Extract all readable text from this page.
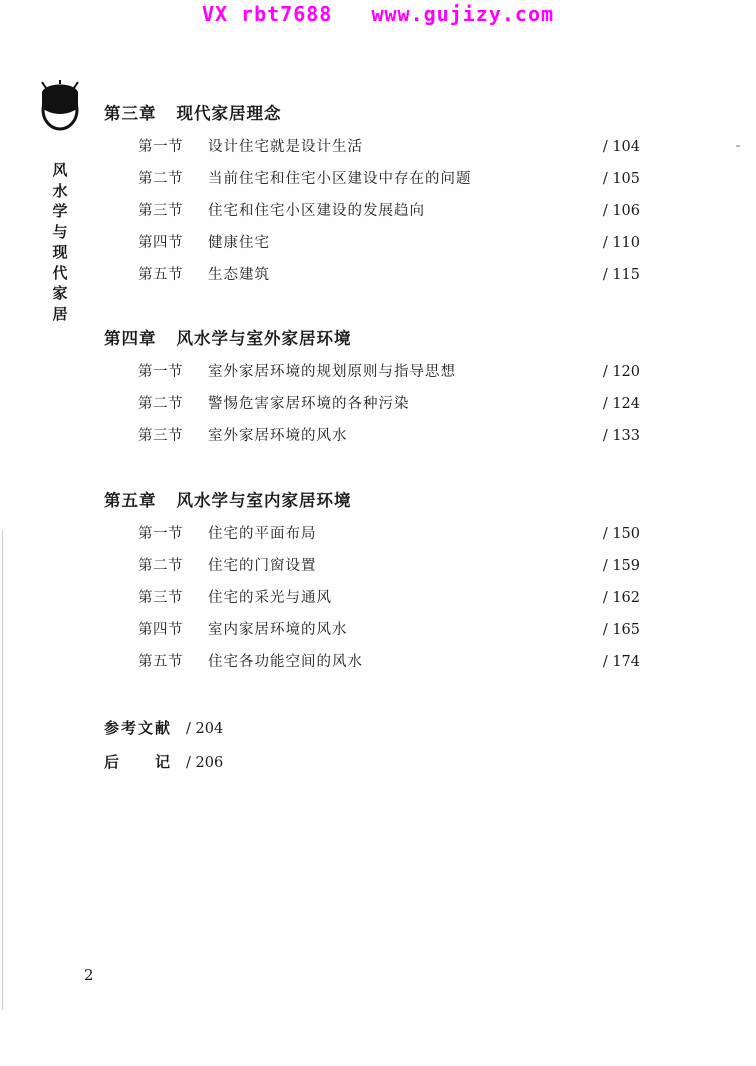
VX rbt7688   www.gujizy.com
风
水
学
与
现
代
家
居
第三章 现代家居理念
第一节 设计住宅就是设计生活	/ 104
第二节 当前住宅和住宅小区建设中存在的问题	/ 105
第三节 住宅和住宅小区建设的发展趋向	/ 106
第四节 健康住宅	/ 110
第五节 生态建筑	/ 115
第四章 风水学与室外家居环境
第一节 室外家居环境的规划原则与指导思想	/ 120
第二节 警惕危害家居环境的各种污染	/ 124
第三节 室外家居环境的风水	/ 133
第五章 风水学与室内家居环境
第一节 住宅的平面布局	/ 150
第二节 住宅的门窗设置	/ 159
第三节 住宅的采光与通风	/ 162
第四节 室内家居环境的风水	/ 165
第五节 住宅各功能空间的风水	/ 174
参考文献 / 204
后　　记 / 206
2
